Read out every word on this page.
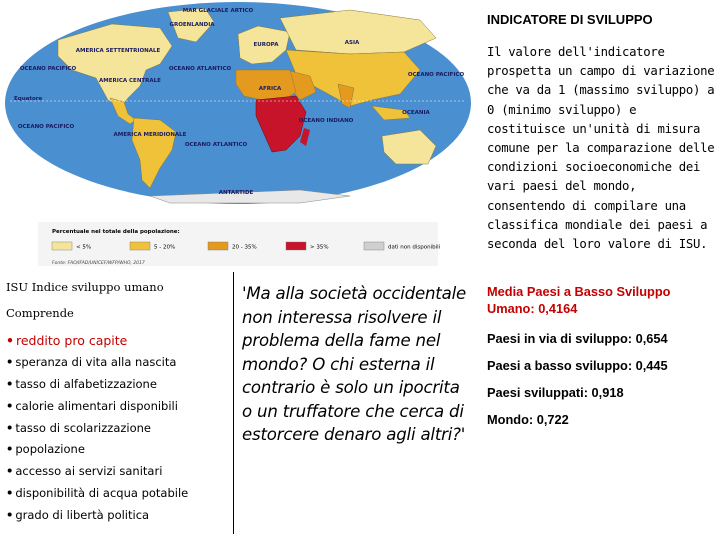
MAR GLACIALE ARTICO
GROENLANDIA
EUROPA	ASIA
AMERICA SETTENTRIONALE
AMERICA CENTRALE
AMERICA MERIDIONALE
AFRICA
OCEANIA
ANTARTIDE
Equatore
OCEANO PACIFICO
OCEANO PACIFICO
OCEANO PACIFICO
OCEANO ATLANTICO
OCEANO ATLANTICO
OCEANO INDIANO
Percentuale nel totale della popolazione:
< 5%	5 - 20%	20 - 35%	> 35%	dati non disponibili
Fonte: FAO/IFAD/UNICEF/WFP/WHO, 2017

INDICATORE DI SVILUPPO

Il valore dell'indicatore prospetta un campo di variazione che va da 1 (massimo sviluppo) a 0 (minimo sviluppo) e costituisce un'unità di misura comune per la comparazione delle condizioni socioeconomiche dei vari paesi del mondo, consentendo di compilare una classifica mondiale dei paesi a seconda del loro valore di ISU.

ISU Indice sviluppo umano

Comprende

• reddito pro capite
• speranza di vita alla nascita
• tasso di alfabetizzazione
• calorie alimentari disponibili
• tasso di scolarizzazione
• popolazione
• accesso ai servizi sanitari
• disponibilità di acqua potabile
• grado di libertà politica

'Ma alla società occidentale non interessa risolvere il problema della fame nel mondo? O chi esterna il contrario è solo un ipocrita o un truffatore che cerca di estorcere denaro agli altri?'

Media Paesi a Basso Sviluppo Umano: 0,4164

Paesi in via di sviluppo: 0,654

Paesi a basso sviluppo: 0,445

Paesi sviluppati: 0,918

Mondo: 0,722
